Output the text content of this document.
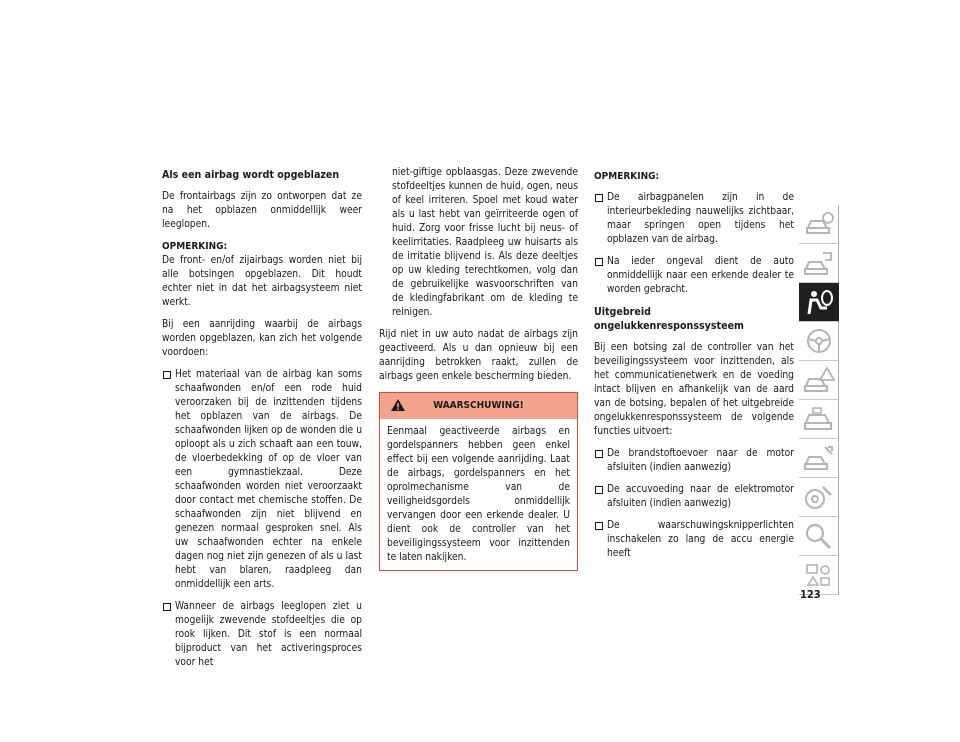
Als een airbag wordt opgeblazen

De frontairbags zijn zo ontworpen dat ze na het opblazen onmiddellijk weer leeglopen.

OPMERKING:

De front- en/of zijairbags worden niet bij alle botsingen opgeblazen. Dit houdt echter niet in dat het airbagsysteem niet werkt.

Bij een aanrijding waarbij de airbags worden opgeblazen, kan zich het volgende voordoen:

Het materiaal van de airbag kan soms schaafwonden en/of een rode huid veroorzaken bij de inzittenden tijdens het opblazen van de airbags. De schaafwonden lijken op de wonden die u oploopt als u zich schaaft aan een touw, de vloerbedekking of op de vloer van een gymnastiekzaal. Deze schaafwonden worden niet veroorzaakt door contact met chemische stoffen. De schaafwonden zijn niet blijvend en genezen normaal gesproken snel. Als uw schaafwonden echter na enkele dagen nog niet zijn genezen of als u last hebt van blaren, raadpleeg dan onmiddellijk een arts.
Wanneer de airbags leeglopen ziet u mogelijk zwevende stofdeeltjes die op rook lijken. Dit stof is een normaal bijproduct van het activeringsproces voor het
niet-giftige opblaasgas. Deze zwevende stofdeeltjes kunnen de huid, ogen, neus of keel irriteren. Spoel met koud water als u last hebt van geïrriteerde ogen of huid. Zorg voor frisse lucht bij neus- of keelirritaties. Raadpleeg uw huisarts als de irritatie blijvend is. Als deze deeltjes op uw kleding terechtkomen, volg dan de gebruikelijke wasvoorschriften van de kledingfabrikant om de kleding te reinigen.

Rijd niet in uw auto nadat de airbags zijn geactiveerd. Als u dan opnieuw bij een aanrijding betrokken raakt, zullen de airbags geen enkele bescherming bieden.

WAARSCHUWING!
Eenmaal geactiveerde airbags en gordelspanners hebben geen enkel effect bij een volgende aanrijding. Laat de airbags, gordelspanners en het oprolmechanisme van de veiligheidsgordels onmiddellijk vervangen door een erkende dealer. U dient ook de controller van het beveiligingssysteem voor inzittenden te laten nakijken.
OPMERKING:
De airbagpanelen zijn in de interieurbekleding nauwelijks zichtbaar, maar springen open tijdens het opblazen van de airbag.
Na ieder ongeval dient de auto onmiddellijk naar een erkende dealer te worden gebracht.
Uitgebreid ongelukkenresponssysteem

Bij een botsing zal de controller van het beveiligingssysteem voor inzittenden, als het communicatienetwerk en de voeding intact blijven en afhankelijk van de aard van de botsing, bepalen of het uitgebreide ongelukkenresponssysteem de volgende functies uitvoert:

De brandstoftoevoer naar de motor afsluiten (indien aanwezig)
De accuvoeding naar de elektromotor afsluiten (indien aanwezig)
De waarschuwingsknipperlichten inschakelen zo lang de accu energie heeft
123
